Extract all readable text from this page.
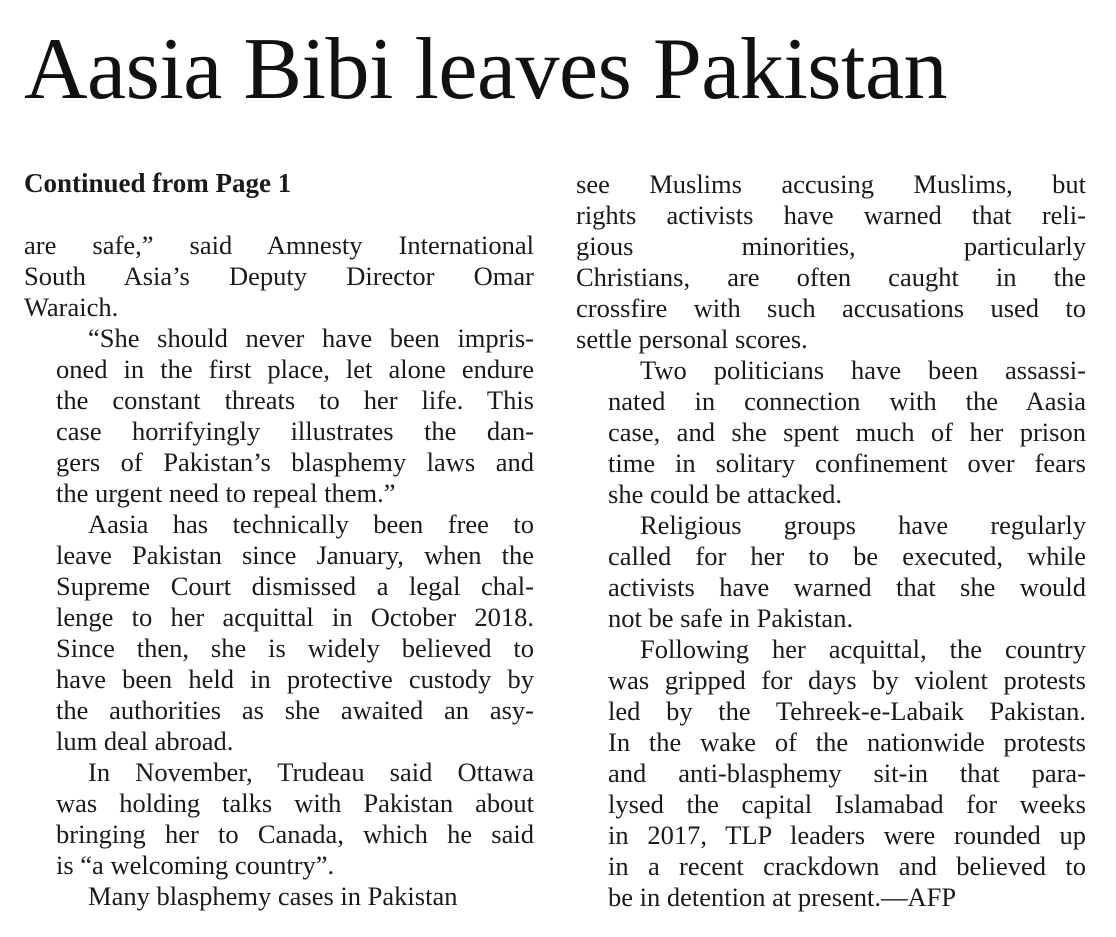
Aasia Bibi leaves Pakistan

Continued from Page 1

are safe,” said Amnesty International
South Asia’s Deputy Director Omar
Waraich.
“She should never have been impris-
oned in the first place, let alone endure
the constant threats to her life. This
case horrifyingly illustrates the dan-
gers of Pakistan’s blasphemy laws and
the urgent need to repeal them.”
Aasia has technically been free to
leave Pakistan since January, when the
Supreme Court dismissed a legal chal-
lenge to her acquittal in October 2018.
Since then, she is widely believed to
have been held in protective custody by
the authorities as she awaited an asy-
lum deal abroad.
In November, Trudeau said Ottawa
was holding talks with Pakistan about
bringing her to Canada, which he said
is “a welcoming country”.
Many blasphemy cases in Pakistan
see Muslims accusing Muslims, but
rights activists have warned that reli-
gious minorities, particularly
Christians, are often caught in the
crossfire with such accusations used to
settle personal scores.
Two politicians have been assassi-
nated in connection with the Aasia
case, and she spent much of her prison
time in solitary confinement over fears
she could be attacked.
Religious groups have regularly
called for her to be executed, while
activists have warned that she would
not be safe in Pakistan.
Following her acquittal, the country
was gripped for days by violent protests
led by the Tehreek-e-Labaik Pakistan.
In the wake of the nationwide protests
and anti-blasphemy sit-in that para-
lysed the capital Islamabad for weeks
in 2017, TLP leaders were rounded up
in a recent crackdown and believed to
be in detention at present.—AFP
